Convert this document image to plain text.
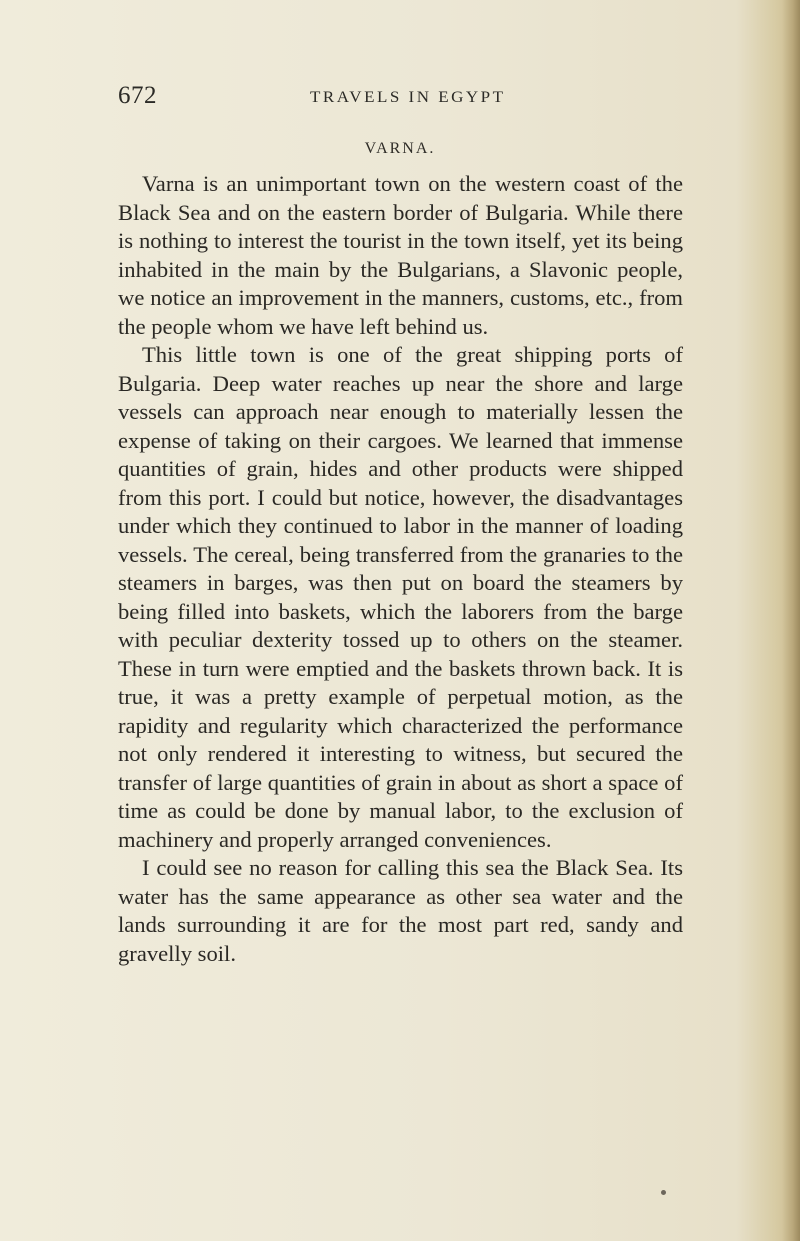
672	TRAVELS IN EGYPT
VARNA.

Varna is an unimportant town on the western coast of the Black Sea and on the eastern border of Bulgaria. While there is nothing to interest the tourist in the town itself, yet its being inhabited in the main by the Bulgarians, a Slavonic people, we notice an improvement in the manners, customs, etc., from the people whom we have left behind us.

This little town is one of the great shipping ports of Bulgaria. Deep water reaches up near the shore and large vessels can approach near enough to materially lessen the expense of taking on their cargoes. We learned that immense quantities of grain, hides and other products were shipped from this port. I could but notice, however, the disadvantages under which they continued to labor in the manner of loading vessels. The cereal, being transferred from the granaries to the steamers in barges, was then put on board the steamers by being filled into baskets, which the laborers from the barge with peculiar dexterity tossed up to others on the steamer. These in turn were emptied and the baskets thrown back. It is true, it was a pretty example of perpetual motion, as the rapidity and regularity which characterized the performance not only rendered it interesting to witness, but secured the transfer of large quantities of grain in about as short a space of time as could be done by manual labor, to the exclusion of machinery and properly arranged conveniences.

I could see no reason for calling this sea the Black Sea. Its water has the same appearance as other sea water and the lands surrounding it are for the most part red, sandy and gravelly soil.
